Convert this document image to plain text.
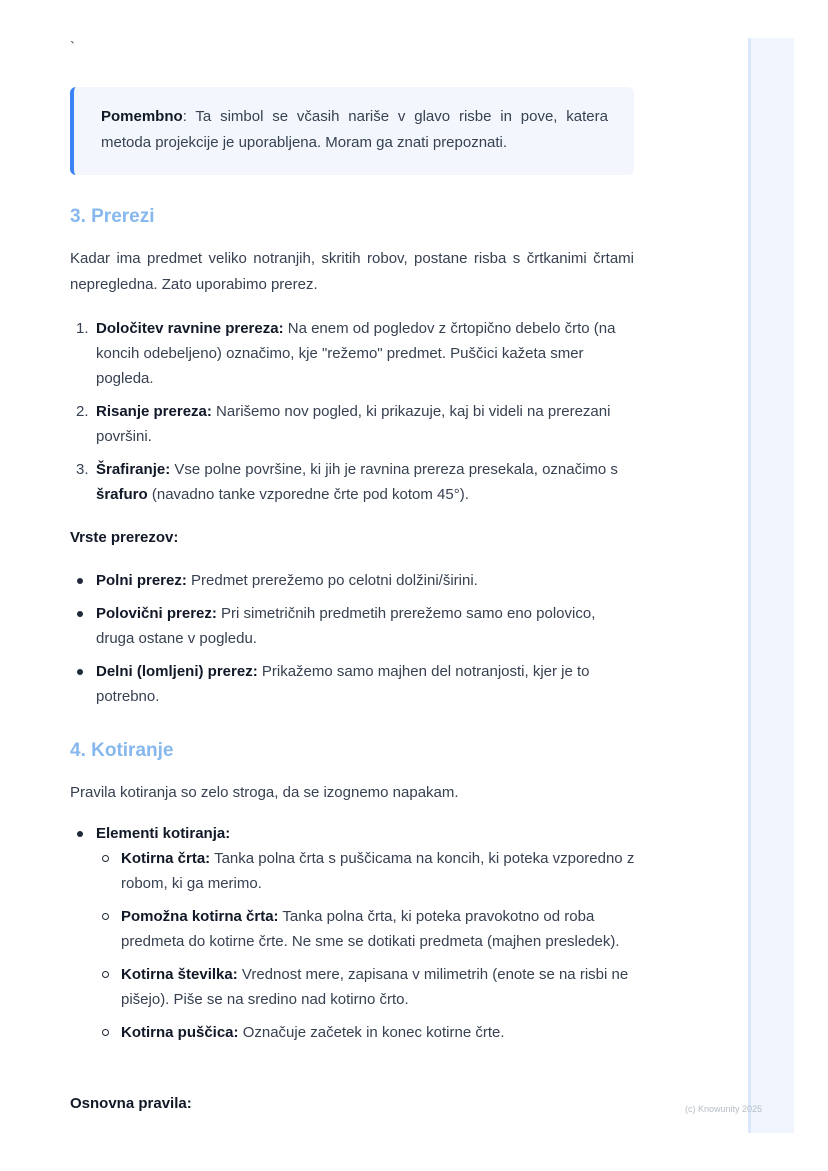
`
Pomembno: Ta simbol se včasih nariše v glavo risbe in pove, katera metoda projekcije je uporabljena. Moram ga znati prepoznati.
3. Prerezi

Kadar ima predmet veliko notranjih, skritih robov, postane risba s črtkanimi črtami nepregledna. Zato uporabimo prerez.

1. Določitev ravnine prereza: Na enem od pogledov z črtopično debelo črto (na koncih odebeljeno) označimo, kje "režemo" predmet. Puščici kažeta smer pogleda.
2. Risanje prereza: Narišemo nov pogled, ki prikazuje, kaj bi videli na prerezani površini.
3. Šrafiranje: Vse polne površine, ki jih je ravnina prereza presekala, označimo s šrafuro (navadno tanke vzporedne črte pod kotom 45°).
Vrste prerezov:
Polni prerez: Predmet prerežemo po celotni dolžini/širini.
Polovični prerez: Pri simetričnih predmetih prerežemo samo eno polovico, druga ostane v pogledu.
Delni (lomljeni) prerez: Prikažemo samo majhen del notranjosti, kjer je to potrebno.
4. Kotiranje

Pravila kotiranja so zelo stroga, da se izognemo napakam.

Elementi kotiranja:
Kotirna črta: Tanka polna črta s puščicama na koncih, ki poteka vzporedno z robom, ki ga merimo.
Pomožna kotirna črta: Tanka polna črta, ki poteka pravokotno od roba predmeta do kotirne črte. Ne sme se dotikati predmeta (majhen presledek).
Kotirna številka: Vrednost mere, zapisana v milimetrih (enote se na risbi ne pišejo). Piše se na sredino nad kotirno črto.
Kotirna puščica: Označuje začetek in konec kotirne črte.
Osnovna pravila:	(c) Knowunity 2025
